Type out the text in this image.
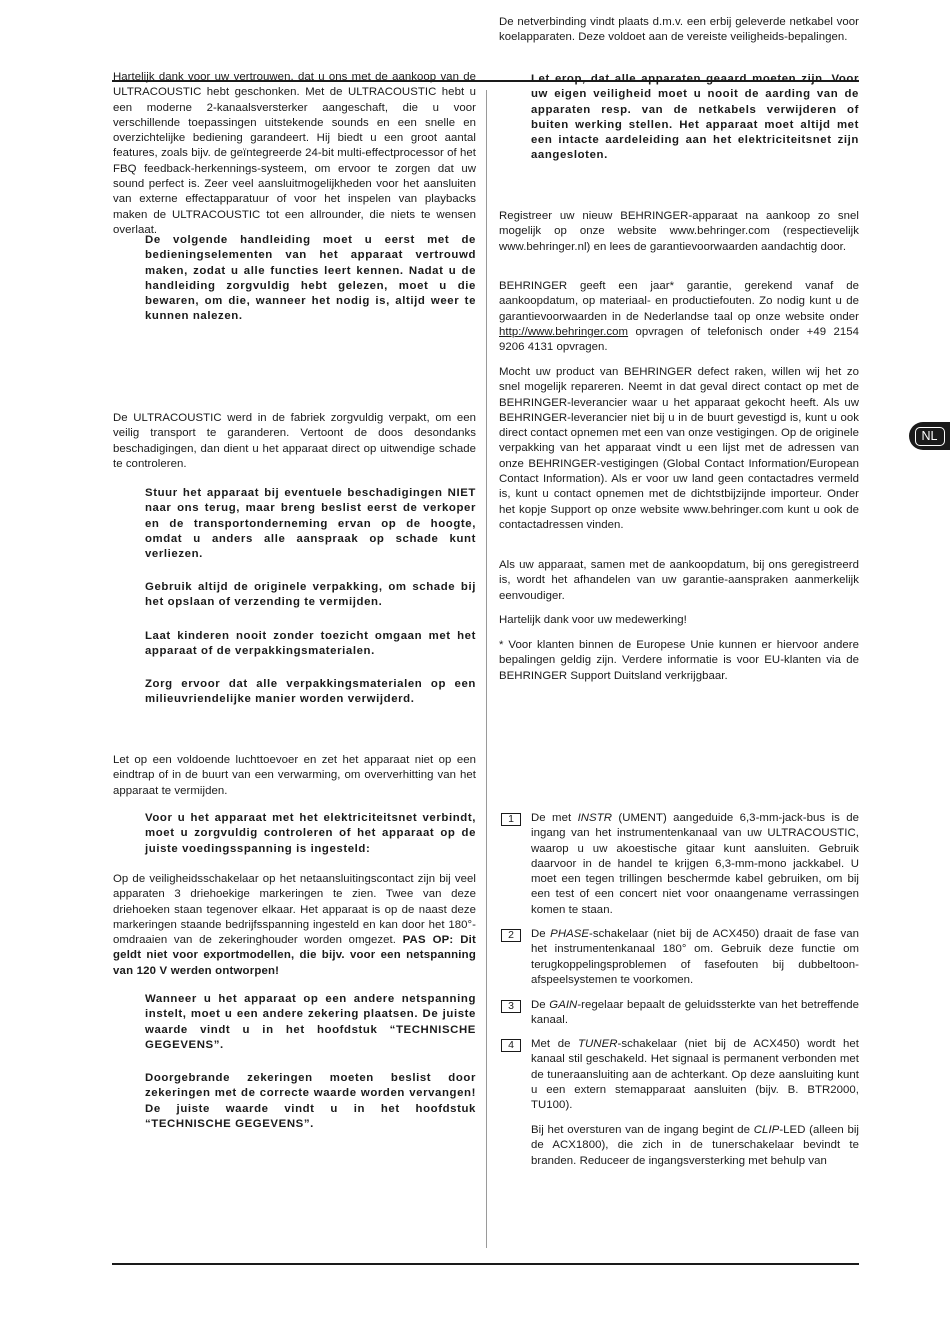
Hartelijk dank voor uw vertrouwen, dat u ons met de aankoop van de ULTRACOUSTIC hebt geschonken. Met de ULTRACOUSTIC hebt u een moderne 2-kanaalsversterker aangeschaft, die u voor verschillende toepassingen uitstekende sounds en een snelle en overzichtelijke bediening garandeert. Hij biedt u een groot aantal features, zoals bijv. de geïntegreerde 24-bit multi-effectprocessor of het FBQ feedback-herkennings-systeem, om ervoor te zorgen dat uw sound perfect is. Zeer veel aansluitmogelijkheden voor het aansluiten van externe effectapparatuur of voor het inspelen van playbacks maken de ULTRACOUSTIC tot een allrounder, die niets te wensen overlaat.

De volgende handleiding moet u eerst met de bedieningselementen van het apparaat vertrouwd maken, zodat u alle functies leert kennen. Nadat u de handleiding zorgvuldig hebt gelezen, moet u die bewaren, om die, wanneer het nodig is, altijd weer te kunnen nalezen.

De ULTRACOUSTIC werd in de fabriek zorgvuldig verpakt, om een veilig transport te garanderen. Vertoont de doos desondanks beschadigingen, dan dient u het apparaat direct op uitwendige schade te controleren.

Stuur het apparaat bij eventuele beschadigingen NIET naar ons terug, maar breng beslist eerst de verkoper en de transportonderneming ervan op de hoogte, omdat u anders alle aanspraak op schade kunt verliezen.

Gebruik altijd de originele verpakking, om schade bij het opslaan of verzending te vermijden.

Laat kinderen nooit zonder toezicht omgaan met het apparaat of de verpakkingsmaterialen.

Zorg ervoor dat alle verpakkingsmaterialen op een milieuvriendelijke manier worden verwijderd.

Let op een voldoende luchttoevoer en zet het apparaat niet op een eindtrap of in de buurt van een verwarming, om oververhitting van het apparaat te vermijden.

Voor u het apparaat met het elektriciteitsnet verbindt, moet u zorgvuldig controleren of het apparaat op de juiste voedingsspanning is ingesteld:

Op de veiligheidsschakelaar op het netaansluitingscontact zijn bij veel apparaten 3 driehoekige markeringen te zien. Twee van deze driehoeken staan tegenover elkaar. Het apparaat is op de naast deze markeringen staande bedrijfsspanning ingesteld en kan door het 180°- omdraaien van de zekeringhouder worden omgezet. PAS OP: Dit geldt niet voor exportmodellen, die bijv. voor een netspanning van 120 V werden ontworpen!

Wanneer u het apparaat op een andere netspanning instelt, moet u een andere zekering plaatsen. De juiste waarde vindt u in het hoofdstuk “TECHNISCHE GEGEVENS”.

Doorgebrande zekeringen moeten beslist door zekeringen met de correcte waarde worden vervangen! De juiste waarde vindt u in het hoofdstuk “TECHNISCHE GEGEVENS”.

De netverbinding vindt plaats d.m.v. een erbij geleverde netkabel voor koelapparaten. Deze voldoet aan de vereiste veiligheids-bepalingen.

Let erop, dat alle apparaten geaard moeten zijn. Voor uw eigen veiligheid moet u nooit de aarding van de apparaten resp. van de netkabels verwijderen of buiten werking stellen. Het apparaat moet altijd met een intacte aardeleiding aan het elektriciteitsnet zijn aangesloten.

Registreer uw nieuw BEHRINGER-apparaat na aankoop zo snel mogelijk op onze website www.behringer.com (respectievelijk www.behringer.nl) en lees de garantievoorwaarden aandachtig door.

BEHRINGER geeft een jaar* garantie, gerekend vanaf de aankoopdatum, op materiaal- en productiefouten. Zo nodig kunt u de garantievoorwaarden in de Nederlandse taal op onze website onder http://www.behringer.com opvragen of telefonisch onder +49 2154 9206 4131 opvragen.

Mocht uw product van BEHRINGER defect raken, willen wij het zo snel mogelijk repareren. Neemt in dat geval direct contact op met de BEHRINGER-leverancier waar u het apparaat gekocht heeft. Als uw BEHRINGER-leverancier niet bij u in de buurt gevestigd is, kunt u ook direct contact opnemen met een van onze vestigingen. Op de originele verpakking van het apparaat vindt u een lijst met de adressen van onze BEHRINGER-vestigingen (Global Contact Information/European Contact Information). Als er voor uw land geen contactadres vermeld is, kunt u contact opnemen met de dichtstbijzijnde importeur. Onder het kopje Support op onze website www.behringer.com kunt u ook de contactadressen vinden.

Als uw apparaat, samen met de aankoopdatum, bij ons geregistreerd is, wordt het afhandelen van uw garantie-aanspraken aanmerkelijk eenvoudiger.

Hartelijk dank voor uw medewerking!

* Voor klanten binnen de Europese Unie kunnen er hiervoor andere bepalingen geldig zijn. Verdere informatie is voor EU-klanten via de BEHRINGER Support Duitsland verkrijgbaar.

1	De met INSTR (UMENT) aangeduide 6,3-mm-jack-bus is de ingang van het instrumentenkanaal van uw ULTRACOUSTIC, waarop u uw akoestische gitaar kunt aansluiten. Gebruik daarvoor in de handel te krijgen 6,3-mm-mono jackkabel. U moet een tegen trillingen beschermde kabel gebruiken, om bij een test of een concert niet voor onaangename verrassingen komen te staan.

2	De PHASE-schakelaar (niet bij de ACX450) draait de fase van het instrumentenkanaal 180° om. Gebruik deze functie om terugkoppelingsproblemen of fasefouten bij dubbeltoon-afspeelsystemen te voorkomen.

3	De GAIN-regelaar bepaalt de geluidssterkte van het betreffende kanaal.

4	Met de TUNER-schakelaar (niet bij de ACX450) wordt het kanaal stil geschakeld. Het signaal is permanent verbonden met de tuneraansluiting aan de achterkant. Op deze aansluiting kunt u een extern stemapparaat aansluiten (bijv. B. BTR2000, TU100).

Bij het oversturen van de ingang begint de CLIP-LED (alleen bij de ACX1800), die zich in de tunerschakelaar bevindt te branden. Reduceer de ingangsversterking met behulp van

NL
